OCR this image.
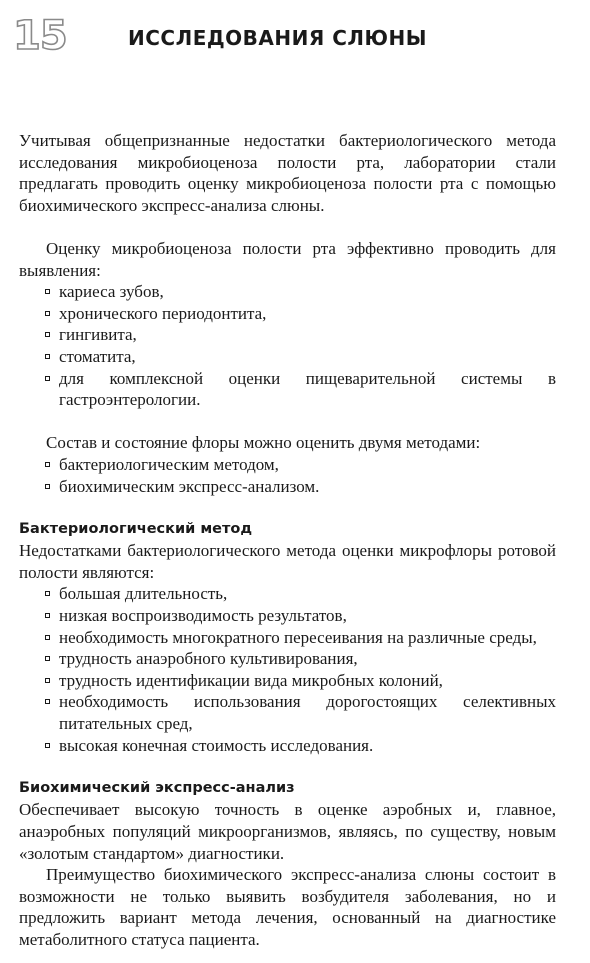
15	ИССЛЕДОВАНИЯ СЛЮНЫ

Учитывая общепризнанные недостатки бактериологического метода исследования микробиоценоза полости рта, лаборатории стали предлагать проводить оценку микробиоценоза полости рта с помощью биохимического экспресс-анализа слюны.

Оценку микробиоценоза полости рта эффективно проводить для выявления:

кариеса зубов,
хронического периодонтита,
гингивита,
стоматита,
для комплексной оценки пищеварительной системы в гастроэнтерологии.

Состав и состояние флоры можно оценить двумя методами:

бактериологическим методом,
биохимическим экспресс-анализом.
Бактериологический метод

Недостатками бактериологического метода оценки микрофлоры ротовой полости являются:

большая длительность,
низкая воспроизводимость результатов,
необходимость многократного пересеивания на различные среды,
трудность анаэробного культивирования,
трудность идентификации вида микробных колоний,
необходимость использования дорогостоящих селективных питательных сред,
высокая конечная стоимость исследования.
Биохимический экспресс-анализ

Обеспечивает высокую точность в оценке аэробных и, главное, анаэробных популяций микроорганизмов, являясь, по существу, новым «золотым стандартом» диагностики.

Преимущество биохимического экспресс-анализа слюны состоит в возможности не только выявить возбудителя заболевания, но и предложить вариант метода лечения, основанный на диагностике метаболитного статуса пациента.
